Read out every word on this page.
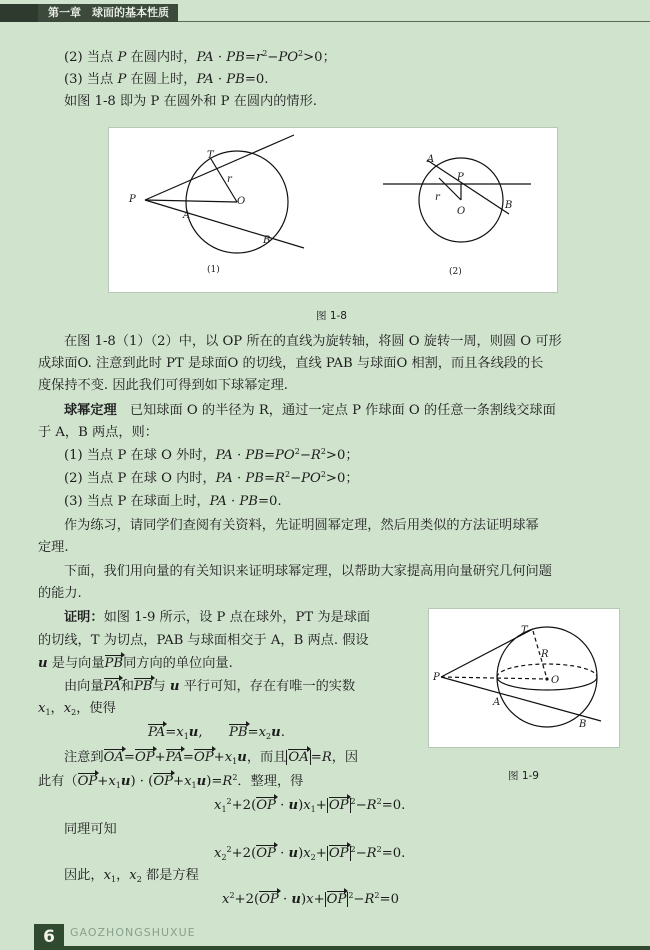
第一章　球面的基本性质
(2) 当点 P 在圆内时，PA · $PB=r^2-PO^2>0$；
(3) 当点 P 在圆上时，PA · PB=0.
如图 1-8 即为 P 在圆外和 P 在圆内的情形.
P
T
r
O
A
B
(1)
A
P
r
O
B
(2)
图 1-8
在图 1-8（1）（2）中，以 OP 所在的直线为旋转轴，将圆 O 旋转一周，则圆 O 可形
成球面O. 注意到此时 PT 是球面O 的切线，直线 PAB 与球面O 相割，而且各线段的长
度保持不变. 因此我们可得到如下球幂定理.
球幂定理　已知球面 O 的半径为 R，通过一定点 P 作球面 O 的任意一条割线交球面
于 A，B 两点，则：
(1) 当点 P 在球 O 外时，PA · $PB=PO^2-R^2>0$；
(2) 当点 P 在球 O 内时，PA · $PB=R^2-PO^2>0$；
(3) 当点 P 在球面上时，PA · PB=0.
作为练习，请同学们查阅有关资料，先证明圆幂定理，然后用类似的方法证明球幂
定理.
下面，我们用向量的有关知识来证明球幂定理，以帮助大家提高用向量研究几何问题
的能力.
证明：如图 1-9 所示，设 P 点在球外，PT 为是球面
的切线，T 为切点，PAB 与球面相交于 A，B 两点. 假设
u 是与向量PB同方向的单位向量.
由向量PA和PB与 u 平行可知，存在有唯一的实数
$x_1$，$x_2$，使得
$PA=x_1u$,　　$PB=x_2u$.
注意到$OA=OP+PA=OP+x_1u$，而且 OA =R，因
此有$(OP+x_1u) \cdot (OP+x_1u)=R^2$．整理，得
$x_1^2+2(OP \cdot u)x_1+$ OP $^2-R^2=0$.
同理可知
$x_2^2+2(OP \cdot u)x_2+$ OP $^2-R^2=0$.
因此，$x_1$，$x_2$ 都是方程
$x^2+2(OP \cdot u)x+$ OP $^2-R^2=0$
T
R
P	O
A
B
图 1-9
6	GAOZHONGSHUXUE
